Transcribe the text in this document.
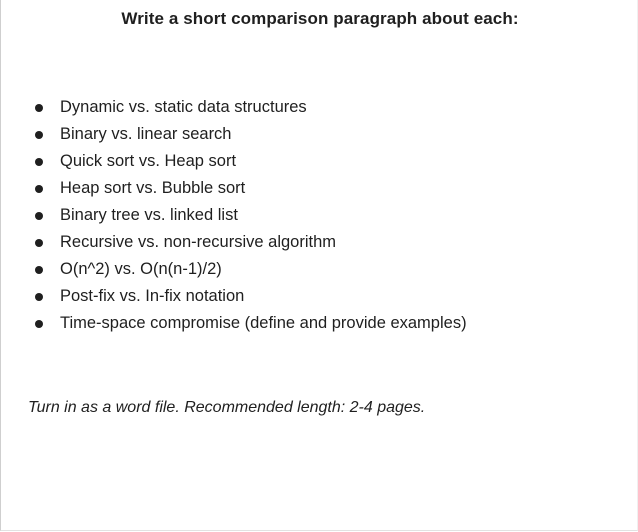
Write a short comparison paragraph about each:
Dynamic vs. static data structures
Binary vs. linear search
Quick sort vs. Heap sort
Heap sort vs. Bubble sort
Binary tree vs. linked list
Recursive vs. non-recursive algorithm
O(n^2) vs. O(n(n-1)/2)
Post-fix vs. In-fix notation
Time-space compromise (define and provide examples)
Turn in as a word file. Recommended length: 2-4 pages.
